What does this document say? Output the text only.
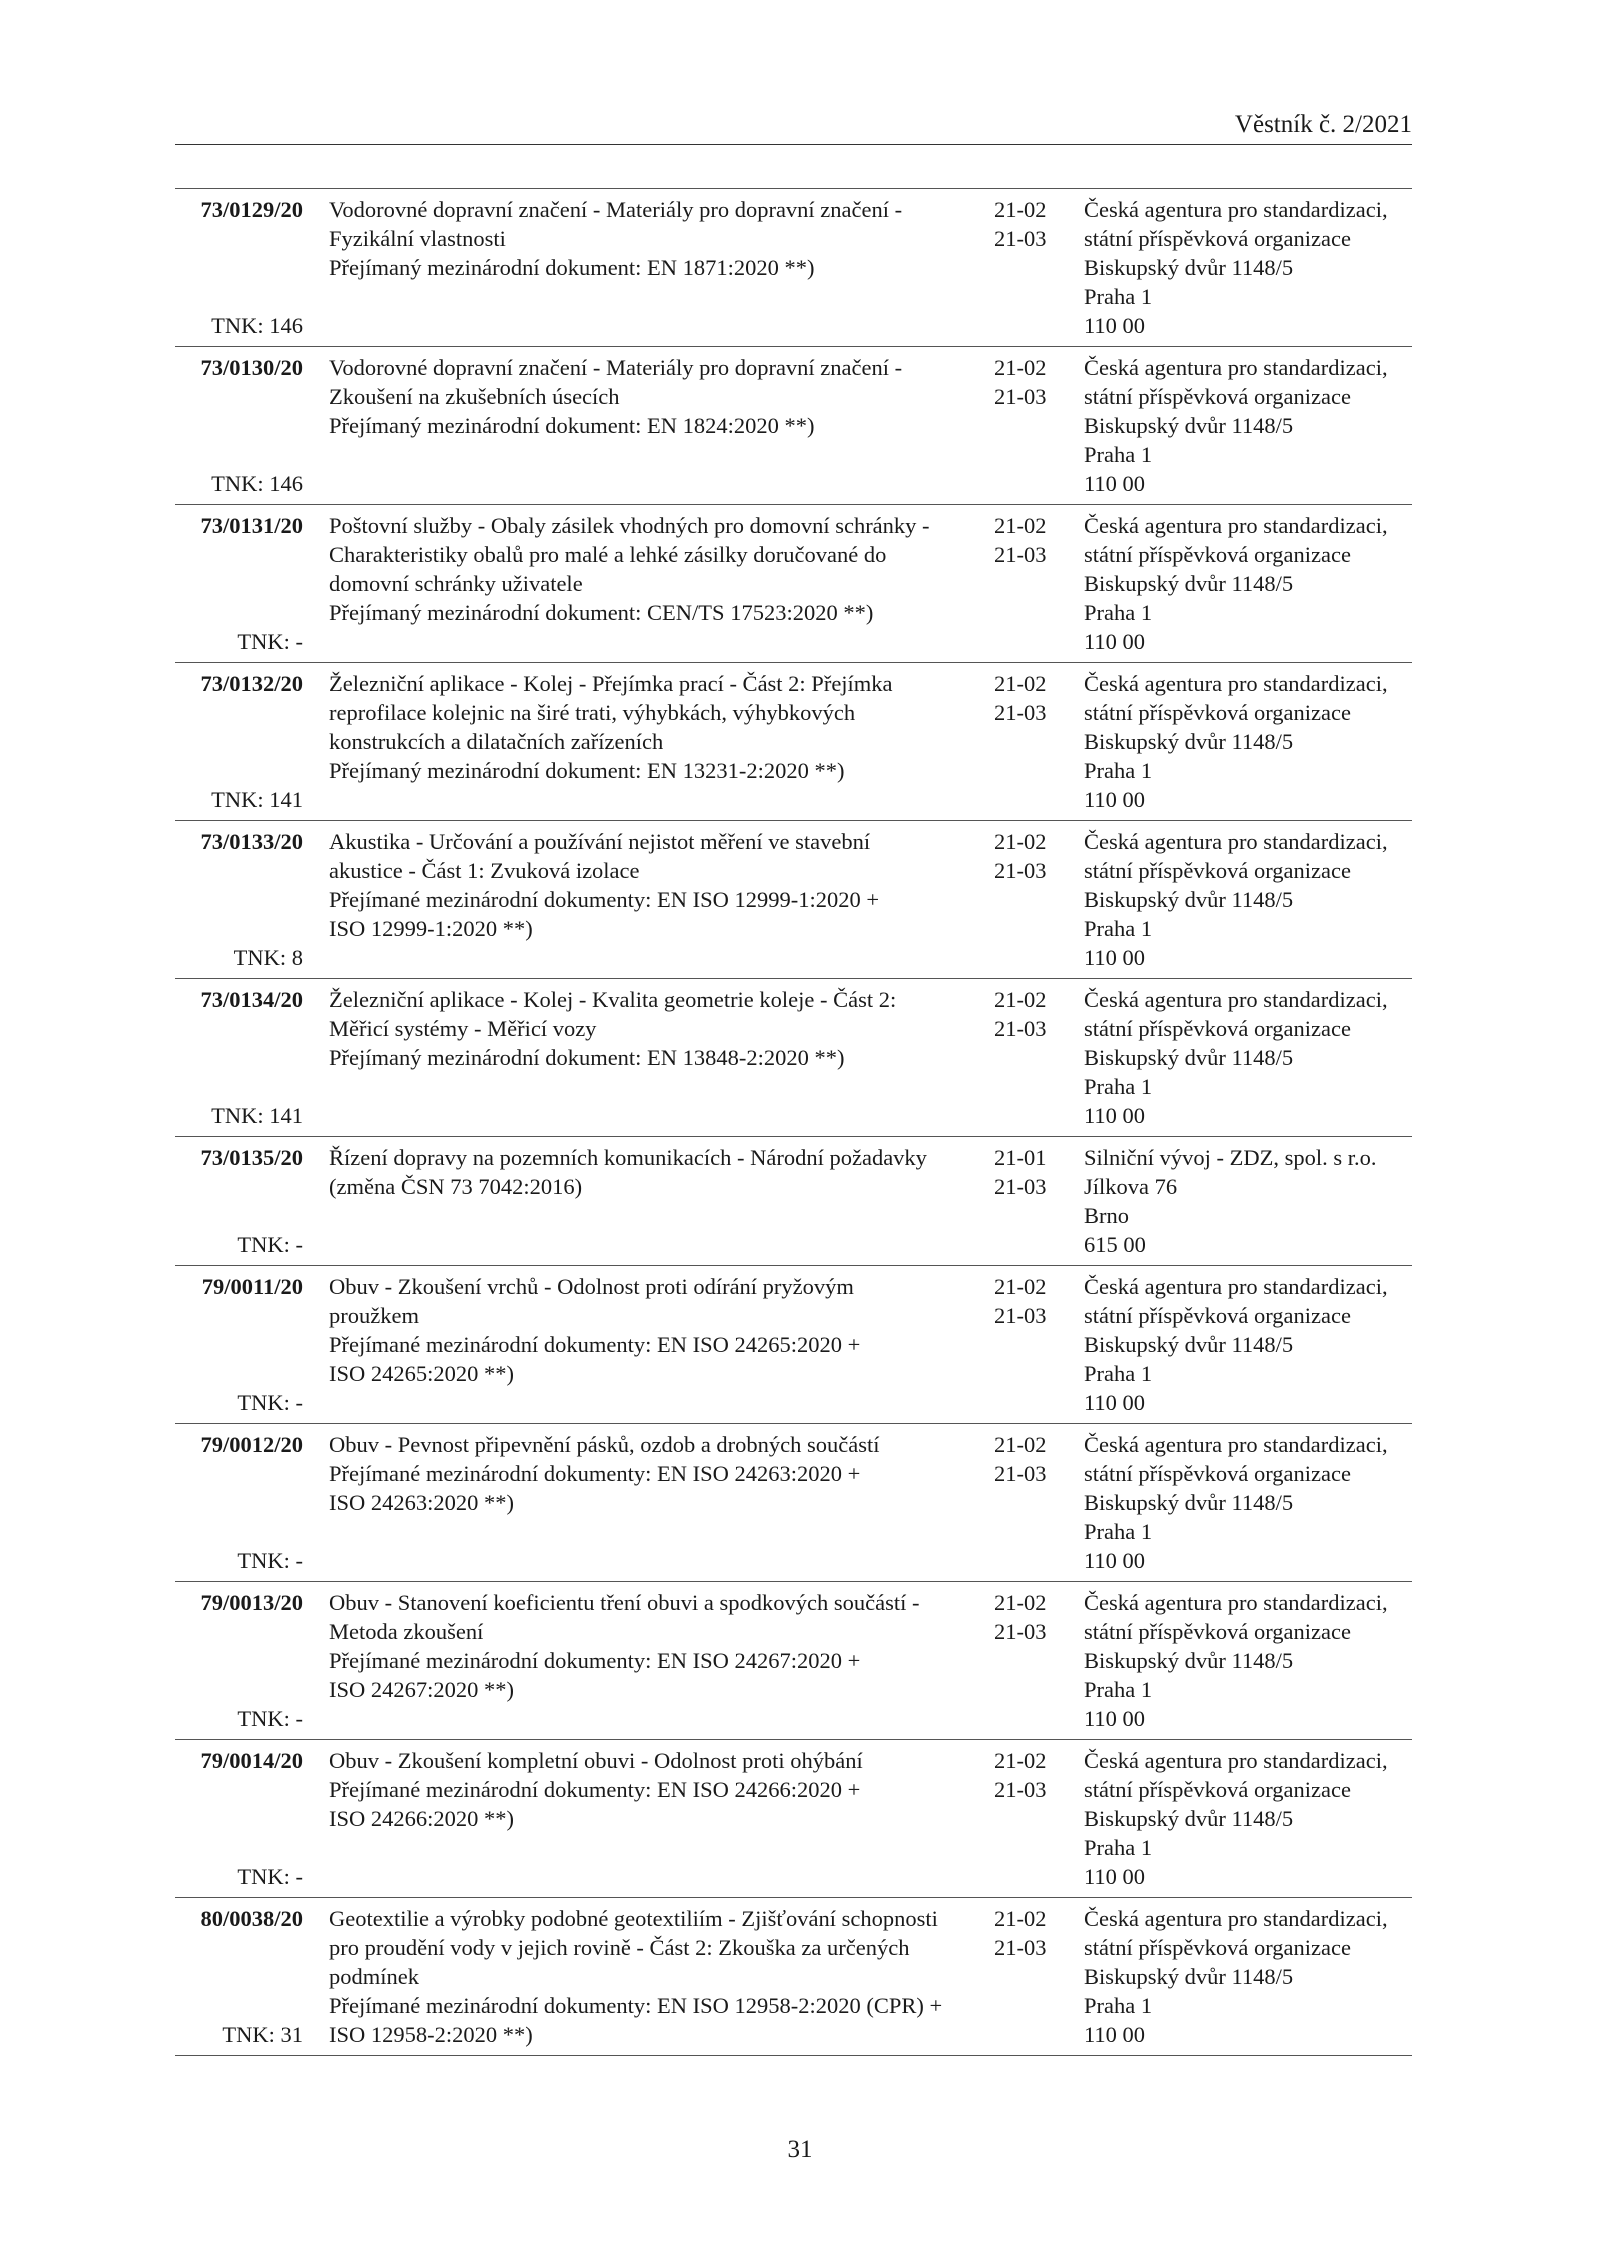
Věstník č. 2/2021
73/0129/20
TNK: 146
Vodorovné dopravní značení - Materiály pro dopravní značení -
Fyzikální vlastnosti
Přejímaný mezinárodní dokument: EN 1871:2020 **)
21-02
21-03
Česká agentura pro standardizaci,
státní příspěvková organizace
Biskupský dvůr 1148/5
Praha 1
110 00
73/0130/20
TNK: 146
Vodorovné dopravní značení - Materiály pro dopravní značení -
Zkoušení na zkušebních úsecích
Přejímaný mezinárodní dokument: EN 1824:2020 **)
21-02
21-03
Česká agentura pro standardizaci,
státní příspěvková organizace
Biskupský dvůr 1148/5
Praha 1
110 00
73/0131/20
TNK: -
Poštovní služby - Obaly zásilek vhodných pro domovní schránky -
Charakteristiky obalů pro malé a lehké zásilky doručované do
domovní schránky uživatele
Přejímaný mezinárodní dokument: CEN/TS 17523:2020 **)
21-02
21-03
Česká agentura pro standardizaci,
státní příspěvková organizace
Biskupský dvůr 1148/5
Praha 1
110 00
73/0132/20
TNK: 141
Železniční aplikace - Kolej - Přejímka prací - Část 2: Přejímka
reprofilace kolejnic na širé trati, výhybkách, výhybkových
konstrukcích a dilatačních zařízeních
Přejímaný mezinárodní dokument: EN 13231-2:2020 **)
21-02
21-03
Česká agentura pro standardizaci,
státní příspěvková organizace
Biskupský dvůr 1148/5
Praha 1
110 00
73/0133/20
TNK: 8
Akustika - Určování a používání nejistot měření ve stavební
akustice - Část 1: Zvuková izolace
Přejímané mezinárodní dokumenty: EN ISO 12999-1:2020 +
ISO 12999-1:2020 **)
21-02
21-03
Česká agentura pro standardizaci,
státní příspěvková organizace
Biskupský dvůr 1148/5
Praha 1
110 00
73/0134/20
TNK: 141
Železniční aplikace - Kolej - Kvalita geometrie koleje - Část 2:
Měřicí systémy - Měřicí vozy
Přejímaný mezinárodní dokument: EN 13848-2:2020 **)
21-02
21-03
Česká agentura pro standardizaci,
státní příspěvková organizace
Biskupský dvůr 1148/5
Praha 1
110 00
73/0135/20
TNK: -
Řízení dopravy na pozemních komunikacích - Národní požadavky
(změna ČSN 73 7042:2016)
21-01
21-03
Silniční vývoj - ZDZ, spol. s r.o.
Jílkova 76
Brno
615 00
79/0011/20
TNK: -
Obuv - Zkoušení vrchů - Odolnost proti odírání pryžovým
proužkem
Přejímané mezinárodní dokumenty: EN ISO 24265:2020 +
ISO 24265:2020 **)
21-02
21-03
Česká agentura pro standardizaci,
státní příspěvková organizace
Biskupský dvůr 1148/5
Praha 1
110 00
79/0012/20
TNK: -
Obuv - Pevnost připevnění pásků, ozdob a drobných součástí
Přejímané mezinárodní dokumenty: EN ISO 24263:2020 +
ISO 24263:2020 **)
21-02
21-03
Česká agentura pro standardizaci,
státní příspěvková organizace
Biskupský dvůr 1148/5
Praha 1
110 00
79/0013/20
TNK: -
Obuv - Stanovení koeficientu tření obuvi a spodkových součástí -
Metoda zkoušení
Přejímané mezinárodní dokumenty: EN ISO 24267:2020 +
ISO 24267:2020 **)
21-02
21-03
Česká agentura pro standardizaci,
státní příspěvková organizace
Biskupský dvůr 1148/5
Praha 1
110 00
79/0014/20
TNK: -
Obuv - Zkoušení kompletní obuvi - Odolnost proti ohýbání
Přejímané mezinárodní dokumenty: EN ISO 24266:2020 +
ISO 24266:2020 **)
21-02
21-03
Česká agentura pro standardizaci,
státní příspěvková organizace
Biskupský dvůr 1148/5
Praha 1
110 00
80/0038/20
TNK: 31
Geotextilie a výrobky podobné geotextiliím - Zjišťování schopnosti
pro proudění vody v jejich rovině - Část 2: Zkouška za určených
podmínek
Přejímané mezinárodní dokumenty: EN ISO 12958-2:2020 (CPR) +
ISO 12958-2:2020 **)
21-02
21-03
Česká agentura pro standardizaci,
státní příspěvková organizace
Biskupský dvůr 1148/5
Praha 1
110 00
31
